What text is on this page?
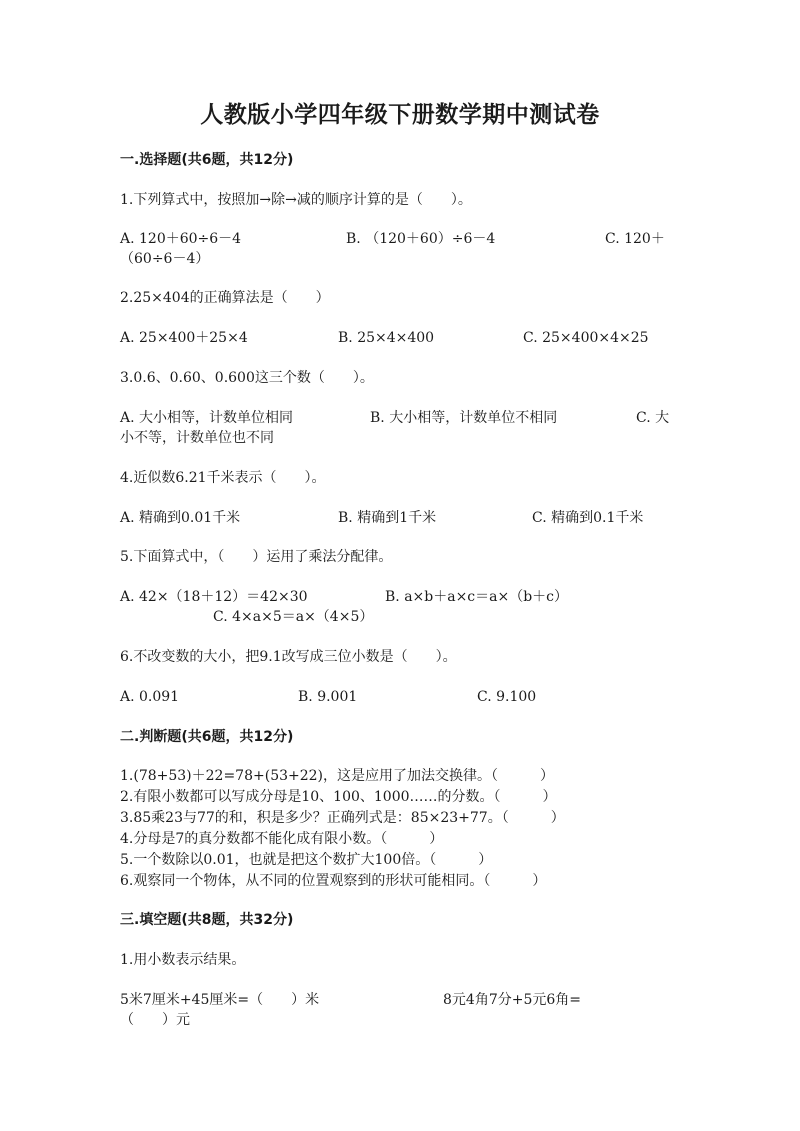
人教版小学四年级下册数学期中测试卷
一.选择题(共6题，共12分)
1.下列算式中，按照加→除→减的顺序计算的是（　　）。
A. 120＋60÷6－4	B. （120＋60）÷6－4	C. 120＋
（60÷6－4）
2.25×404的正确算法是（　　）
A. 25×400＋25×4	B. 25×4×400	C. 25×400×4×25
3.0.6、0.60、0.600这三个数（　　）。
A. 大小相等，计数单位相同	B. 大小相等，计数单位不相同	C. 大
小不等，计数单位也不同
4.近似数6.21千米表示（　　）。
A. 精确到0.01千米	B. 精确到1千米	C. 精确到0.1千米
5.下面算式中，（　　）运用了乘法分配律。
A. 42×（18＋12）＝42×30	B. a×b＋a×c＝a×（b＋c）
C. 4×a×5＝a×（4×5）
6.不改变数的大小，把9.1改写成三位小数是（　　）。
A. 0.091	B. 9.001	C. 9.100
二.判断题(共6题，共12分)
1.(78+53)＋22=78+(53+22)，这是应用了加法交换律。（　　　）
2.有限小数都可以写成分母是10、100、1000……的分数。（　　　）
3.85乘23与77的和，积是多少？正确列式是：85×23+77。（　　　）
4.分母是7的真分数都不能化成有限小数。（　　　）
5.一个数除以0.01，也就是把这个数扩大100倍。（　　　）
6.观察同一个物体，从不同的位置观察到的形状可能相同。（　　　）
三.填空题(共8题，共32分)
1.用小数表示结果。
5米7厘米+45厘米=（　　）米	8元4角7分+5元6角=
（　　）元
